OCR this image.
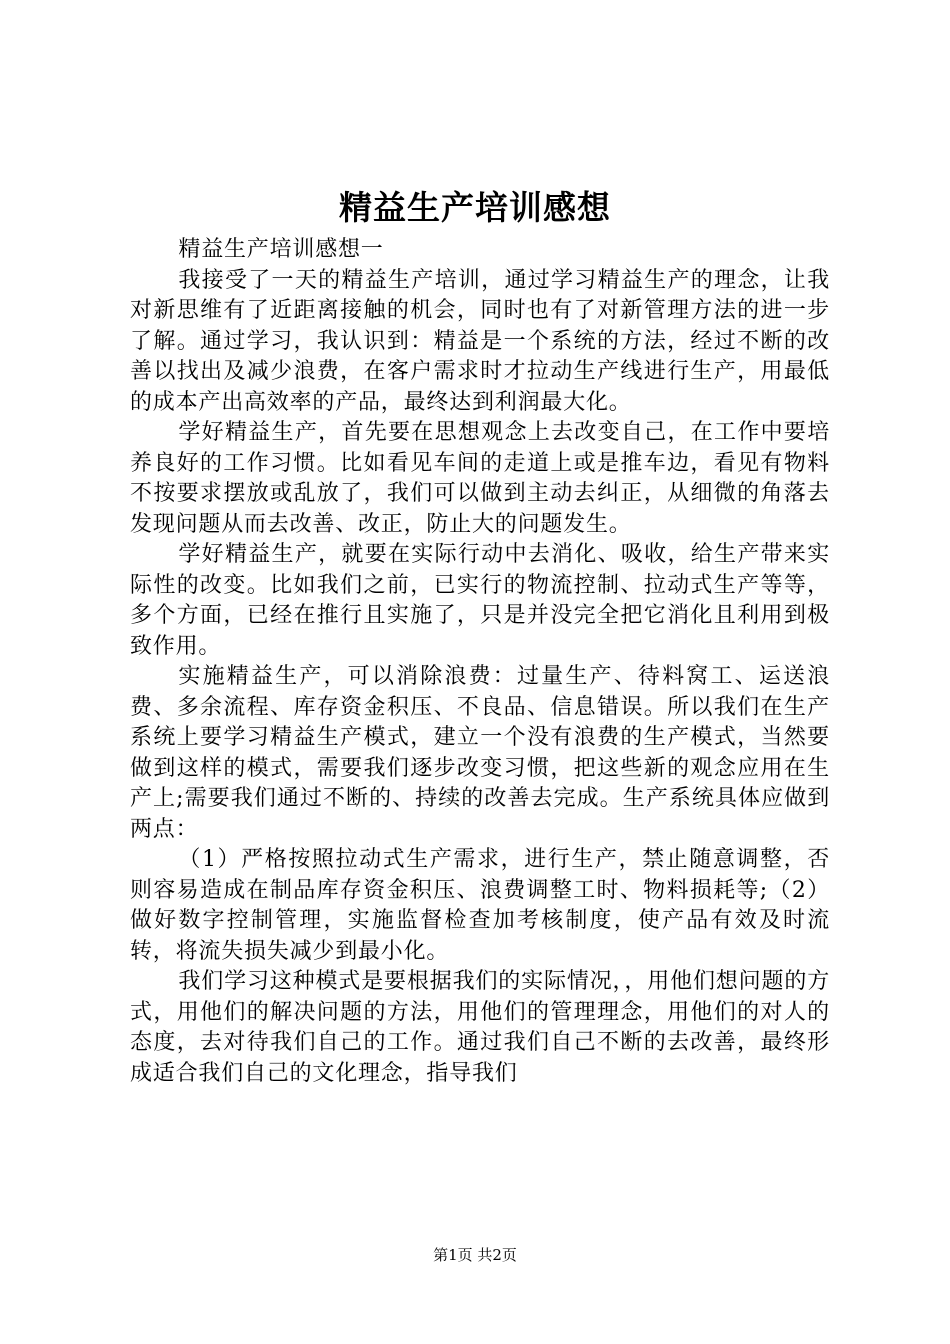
精益生产培训感想

精益生产培训感想一

我接受了一天的精益生产培训，通过学习精益生产的理念，让我对新思维有了近距离接触的机会，同时也有了对新管理方法的进一步了解。通过学习，我认识到：精益是一个系统的方法，经过不断的改善以找出及减少浪费，在客户需求时才拉动生产线进行生产，用最低的成本产出高效率的产品，最终达到利润最大化。

学好精益生产，首先要在思想观念上去改变自己，在工作中要培养良好的工作习惯。比如看见车间的走道上或是推车边，看见有物料不按要求摆放或乱放了，我们可以做到主动去纠正，从细微的角落去发现问题从而去改善、改正，防止大的问题发生。

学好精益生产，就要在实际行动中去消化、吸收，给生产带来实际性的改变。比如我们之前，已实行的物流控制、拉动式生产等等，多个方面，已经在推行且实施了，只是并没完全把它消化且利用到极致作用。

实施精益生产，可以消除浪费：过量生产、待料窝工、运送浪费、多余流程、库存资金积压、不良品、信息错误。所以我们在生产系统上要学习精益生产模式，建立一个没有浪费的生产模式，当然要做到这样的模式，需要我们逐步改变习惯，把这些新的观念应用在生产上;需要我们通过不断的、持续的改善去完成。生产系统具体应做到两点：

（1）严格按照拉动式生产需求，进行生产，禁止随意调整，否则容易造成在制品库存资金积压、浪费调整工时、物料损耗等;（2）做好数字控制管理，实施监督检查加考核制度，使产品有效及时流转，将流失损失减少到最小化。

我们学习这种模式是要根据我们的实际情况，，用他们想问题的方式，用他们的解决问题的方法，用他们的管理理念，用他们的对人的态度，去对待我们自己的工作。通过我们自己不断的去改善，最终形成适合我们自己的文化理念，指导我们

第1页 共2页
